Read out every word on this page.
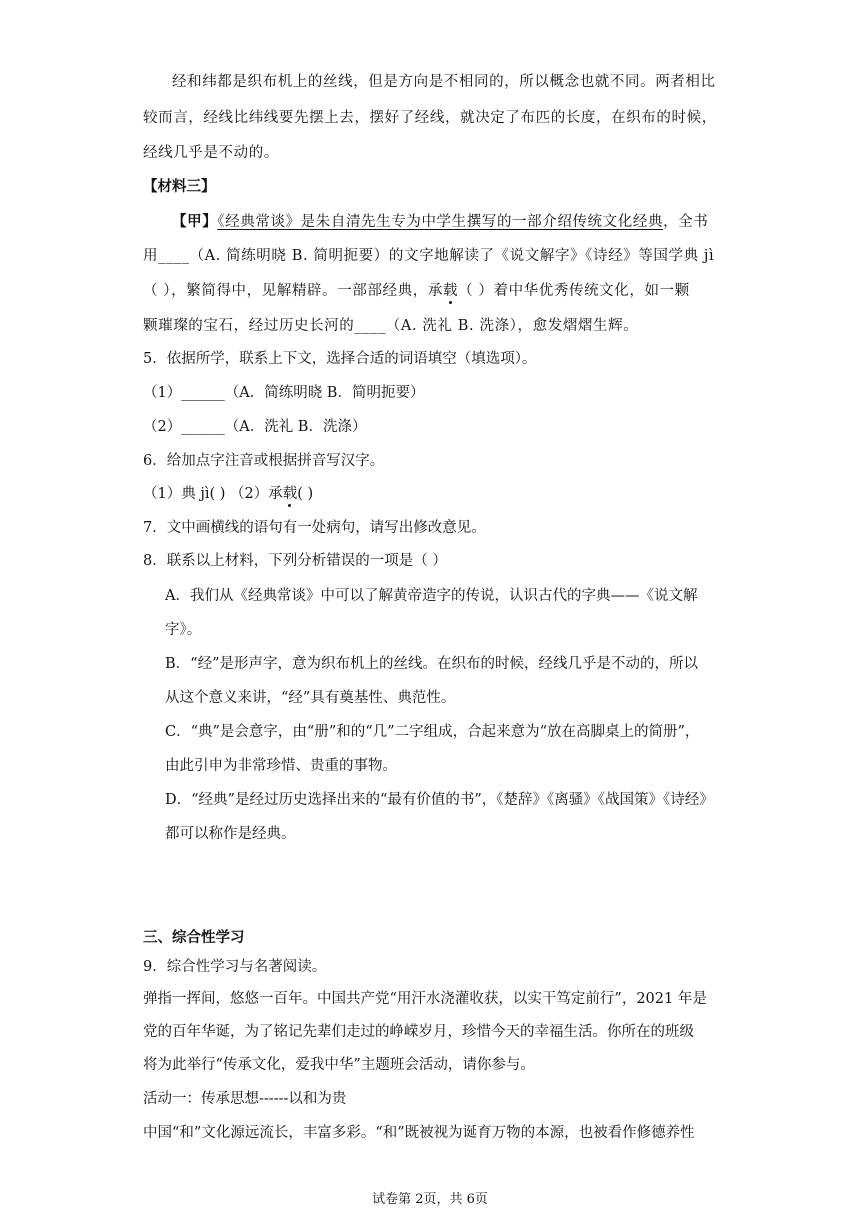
经和纬都是织布机上的丝线，但是方向是不相同的，所以概念也就不同。两者相比
较而言，经线比纬线要先摆上去，摆好了经线，就决定了布匹的长度，在织布的时候，
经线几乎是不动的。
【材料三】
【甲】《经典常谈》是朱自清先生专为中学生撰写的一部介绍传统文化经典，全书
用____（A. 简练明晓 B. 简明扼要）的文字地解读了《说文解字》《诗经》等国学典 jì
（ ），繁简得中，见解精辟。一部部经典，承载（ ）着中华优秀传统文化，如一颗
颗璀璨的宝石，经过历史长河的____（A. 洗礼 B. 洗涤），愈发熠熠生辉。
5．依据所学，联系上下文，选择合适的词语填空（填选项）。
（1）______（A．简练明晓 B．简明扼要）
（2）______（A．洗礼 B．洗涤）
6．给加点字注音或根据拼音写汉字。
（1）典 jì( ) （2）承载( )
7．文中画横线的语句有一处病句，请写出修改意见。
8．联系以上材料，下列分析错误的一项是（ ）
A．我们从《经典常谈》中可以了解黄帝造字的传说，认识古代的字典——《说文解
字》。
B．“经”是形声字，意为织布机上的丝线。在织布的时候，经线几乎是不动的，所以
从这个意义来讲，“经”具有奠基性、典范性。
C．“典”是会意字，由“册”和的“几”二字组成，合起来意为“放在高脚桌上的简册”，
由此引申为非常珍惜、贵重的事物。
D．“经典”是经过历史选择出来的“最有价值的书”，《楚辞》《离骚》《战国策》《诗经》
都可以称作是经典。
三、综合性学习
9．综合性学习与名著阅读。
弹指一挥间，悠悠一百年。中国共产党“用汗水浇灌收获，以实干笃定前行”，2021 年是
党的百年华诞，为了铭记先辈们走过的峥嵘岁月，珍惜今天的幸福生活。你所在的班级
将为此举行“传承文化，爱我中华”主题班会活动，请你参与。
活动一：传承思想------以和为贵
中国“和”文化源远流长，丰富多彩。“和”既被视为诞育万物的本源，也被看作修德养性
试卷第 2页，共 6页
